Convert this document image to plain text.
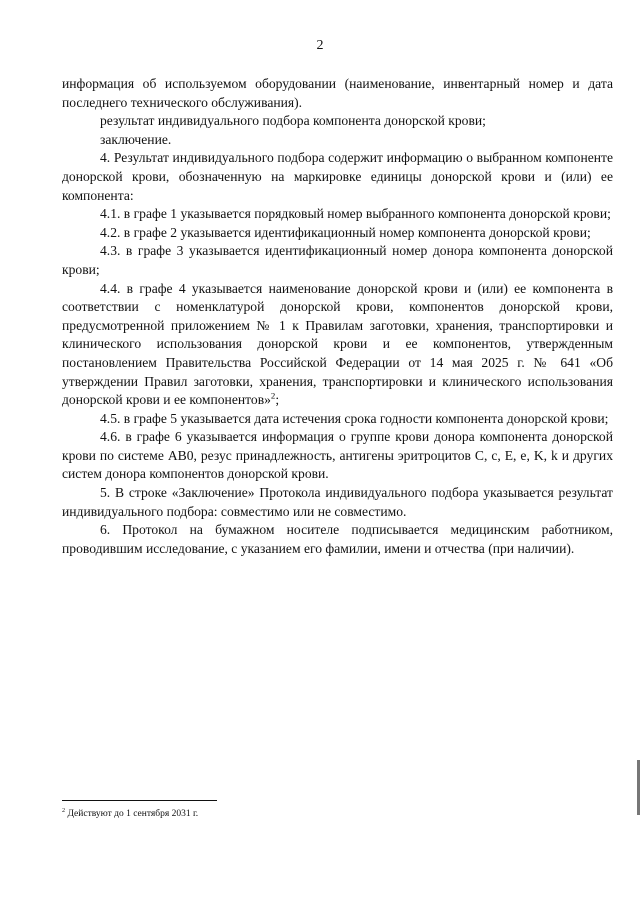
2

информация об используемом оборудовании (наименование, инвентарный номер и дата последнего технического обслуживания).

результат индивидуального подбора компонента донорской крови;

заключение.

4. Результат индивидуального подбора содержит информацию о выбранном компоненте донорской крови, обозначенную на маркировке единицы донорской крови и (или) ее компонента:

4.1. в графе 1 указывается порядковый номер выбранного компонента донорской крови;

4.2. в графе 2 указывается идентификационный номер компонента донорской крови;

4.3. в графе 3 указывается идентификационный номер донора компонента донорской крови;

4.4. в графе 4 указывается наименование донорской крови и (или) ее компонента в соответствии с номенклатурой донорской крови, компонентов донорской крови, предусмотренной приложением № 1 к Правилам заготовки, хранения, транспортировки и клинического использования донорской крови и ее компонентов, утвержденным постановлением Правительства Российской Федерации от 14 мая 2025 г. № 641 «Об утверждении Правил заготовки, хранения, транспортировки и клинического использования донорской крови и ее компонентов»$^2$;

4.5. в графе 5 указывается дата истечения срока годности компонента донорской крови;

4.6. в графе 6 указывается информация о группе крови донора компонента донорской крови по системе АВ0, резус принадлежность, антигены эритроцитов C, c, E, e, K, k и других систем донора компонентов донорской крови.

5. В строке «Заключение» Протокола индивидуального подбора указывается результат индивидуального подбора: совместимо или не совместимо.

6. Протокол на бумажном носителе подписывается медицинским работником, проводившим исследование, с указанием его фамилии, имени и отчества (при наличии).

$^2$ Действуют до 1 сентября 2031 г.
